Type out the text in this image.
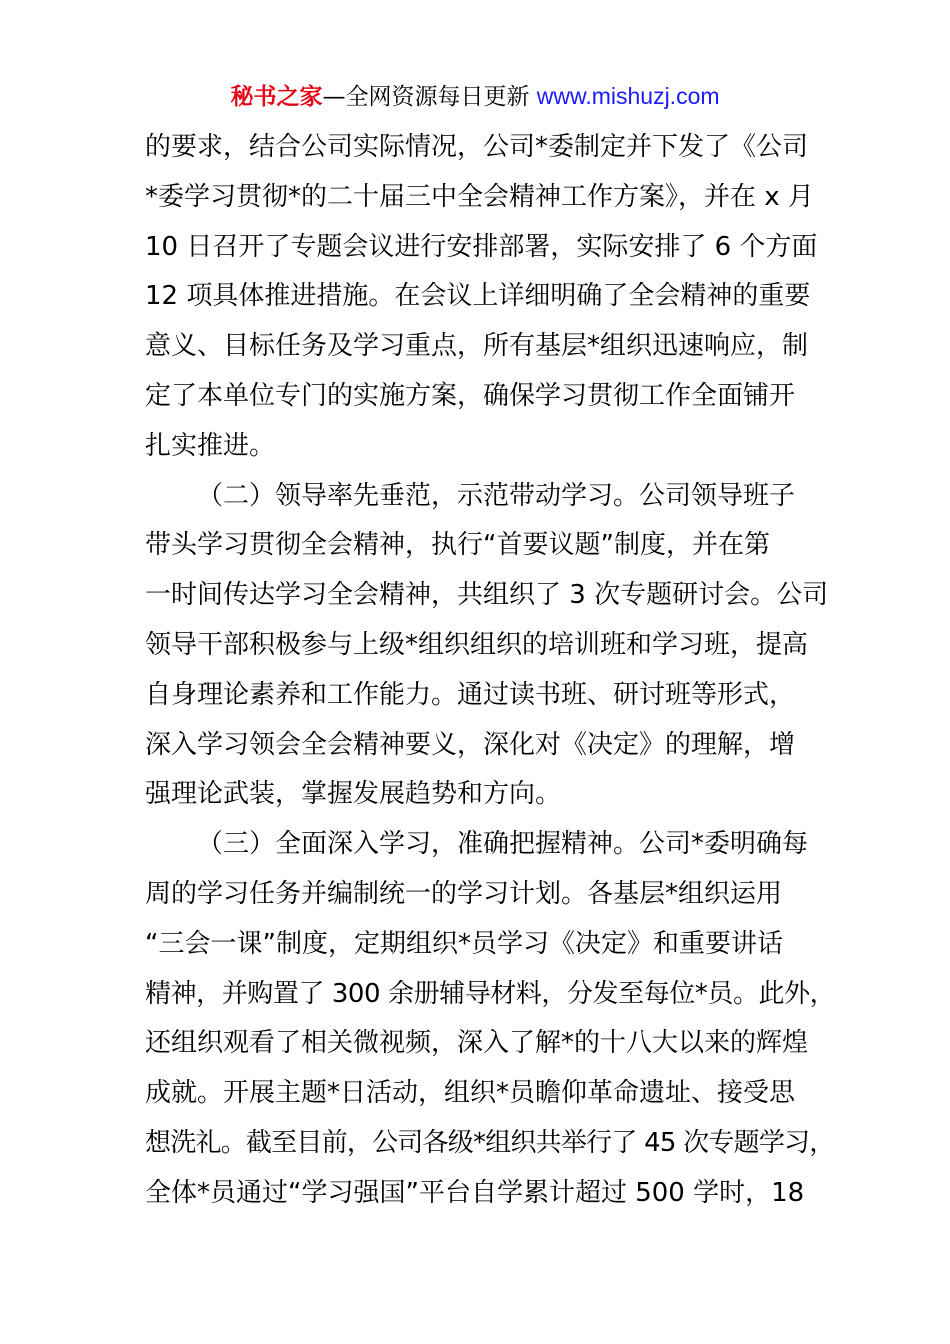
秘书之家—全网资源每日更新 www.mishuzj.com
的要求，结合公司实际情况，公司*委制定并下发了《公司
*委学习贯彻*的二十届三中全会精神工作方案》，并在 x 月
10 日召开了专题会议进行安排部署，实际安排了 6 个方面
12 项具体推进措施。在会议上详细明确了全会精神的重要
意义、目标任务及学习重点，所有基层*组织迅速响应，制
定了本单位专门的实施方案，确保学习贯彻工作全面铺开
扎实推进。
（二）领导率先垂范，示范带动学习。公司领导班子
带头学习贯彻全会精神，执行“首要议题”制度，并在第
一时间传达学习全会精神，共组织了 3 次专题研讨会。公司
领导干部积极参与上级*组织组织的培训班和学习班，提高
自身理论素养和工作能力。通过读书班、研讨班等形式，
深入学习领会全会精神要义，深化对《决定》的理解，增
强理论武装，掌握发展趋势和方向。
（三）全面深入学习，准确把握精神。公司*委明确每
周的学习任务并编制统一的学习计划。各基层*组织运用
“三会一课”制度，定期组织*员学习《决定》和重要讲话
精神，并购置了 300 余册辅导材料，分发至每位*员。此外，
还组织观看了相关微视频，深入了解*的十八大以来的辉煌
成就。开展主题*日活动，组织*员瞻仰革命遗址、接受思
想洗礼。截至目前，公司各级*组织共举行了 45 次专题学习，
全体*员通过“学习强国”平台自学累计超过 500 学时，18
